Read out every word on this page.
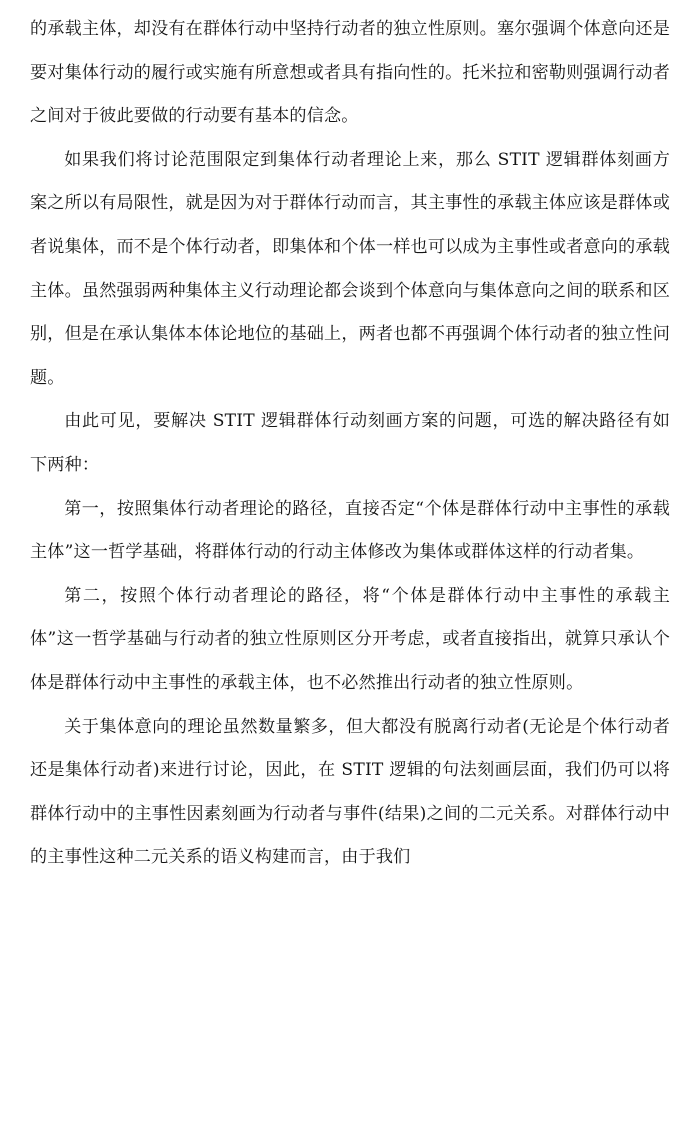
的承载主体，却没有在群体行动中坚持行动者的独立性原则。塞尔强调个体意向还是要对集体行动的履行或实施有所意想或者具有指向性的。托米拉和密勒则强调行动者之间对于彼此要做的行动要有基本的信念。

如果我们将讨论范围限定到集体行动者理论上来，那么 STIT 逻辑群体刻画方案之所以有局限性，就是因为对于群体行动而言，其主事性的承载主体应该是群体或者说集体，而不是个体行动者，即集体和个体一样也可以成为主事性或者意向的承载主体。虽然强弱两种集体主义行动理论都会谈到个体意向与集体意向之间的联系和区别，但是在承认集体本体论地位的基础上，两者也都不再强调个体行动者的独立性问题。

由此可见，要解决 STIT 逻辑群体行动刻画方案的问题，可选的解决路径有如下两种：

第一，按照集体行动者理论的路径，直接否定“个体是群体行动中主事性的承载主体”这一哲学基础，将群体行动的行动主体修改为集体或群体这样的行动者集。

第二，按照个体行动者理论的路径，将“个体是群体行动中主事性的承载主体”这一哲学基础与行动者的独立性原则区分开考虑，或者直接指出，就算只承认个体是群体行动中主事性的承载主体，也不必然推出行动者的独立性原则。

关于集体意向的理论虽然数量繁多，但大都没有脱离行动者(无论是个体行动者还是集体行动者)来进行讨论，因此，在 STIT 逻辑的句法刻画层面，我们仍可以将群体行动中的主事性因素刻画为行动者与事件(结果)之间的二元关系。对群体行动中的主事性这种二元关系的语义构建而言，由于我们
